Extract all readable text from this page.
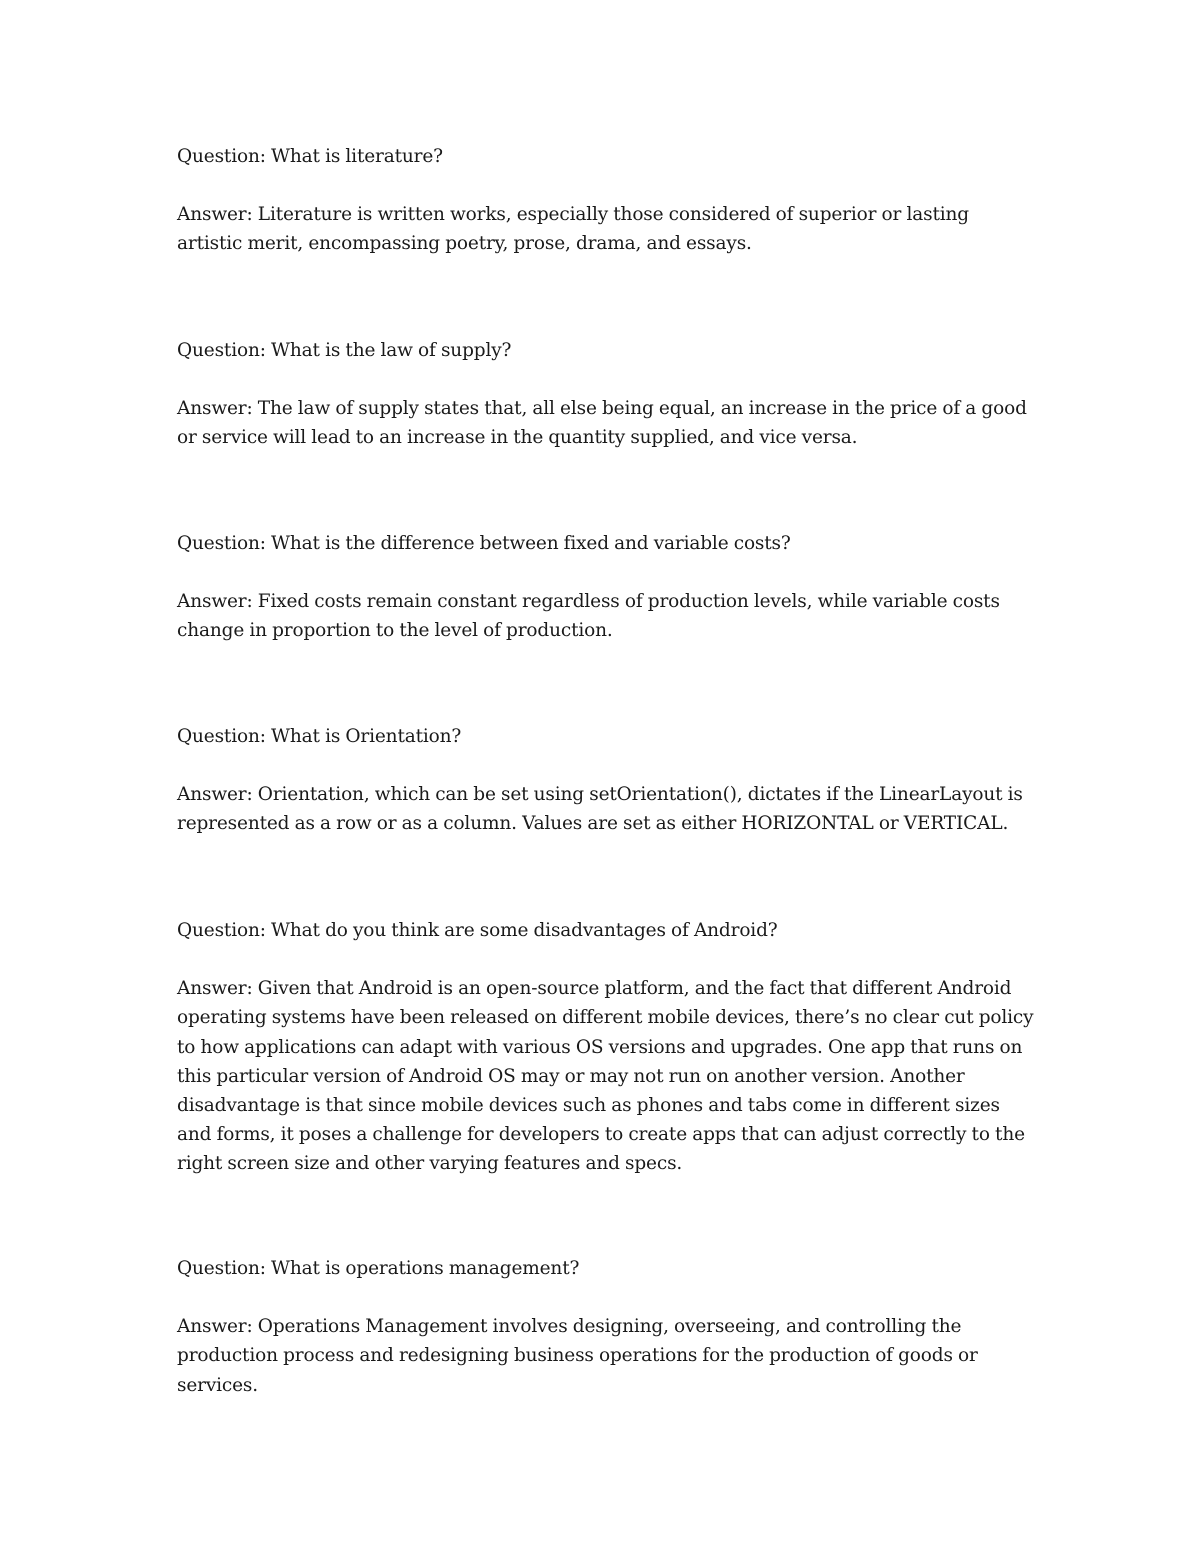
Question: What is literature?

Answer: Literature is written works, especially those considered of superior or lasting artistic merit, encompassing poetry, prose, drama, and essays.

Question: What is the law of supply?

Answer: The law of supply states that, all else being equal, an increase in the price of a good or service will lead to an increase in the quantity supplied, and vice versa.

Question: What is the difference between fixed and variable costs?

Answer: Fixed costs remain constant regardless of production levels, while variable costs change in proportion to the level of production.

Question: What is Orientation?

Answer: Orientation, which can be set using setOrientation(), dictates if the LinearLayout is represented as a row or as a column. Values are set as either HORIZONTAL or VERTICAL.

Question: What do you think are some disadvantages of Android?

Answer: Given that Android is an open-source platform, and the fact that different Android operating systems have been released on different mobile devices, there’s no clear cut policy to how applications can adapt with various OS versions and upgrades. One app that runs on this particular version of Android OS may or may not run on another version. Another disadvantage is that since mobile devices such as phones and tabs come in different sizes and forms, it poses a challenge for developers to create apps that can adjust correctly to the right screen size and other varying features and specs.

Question: What is operations management?

Answer: Operations Management involves designing, overseeing, and controlling the production process and redesigning business operations for the production of goods or services.
